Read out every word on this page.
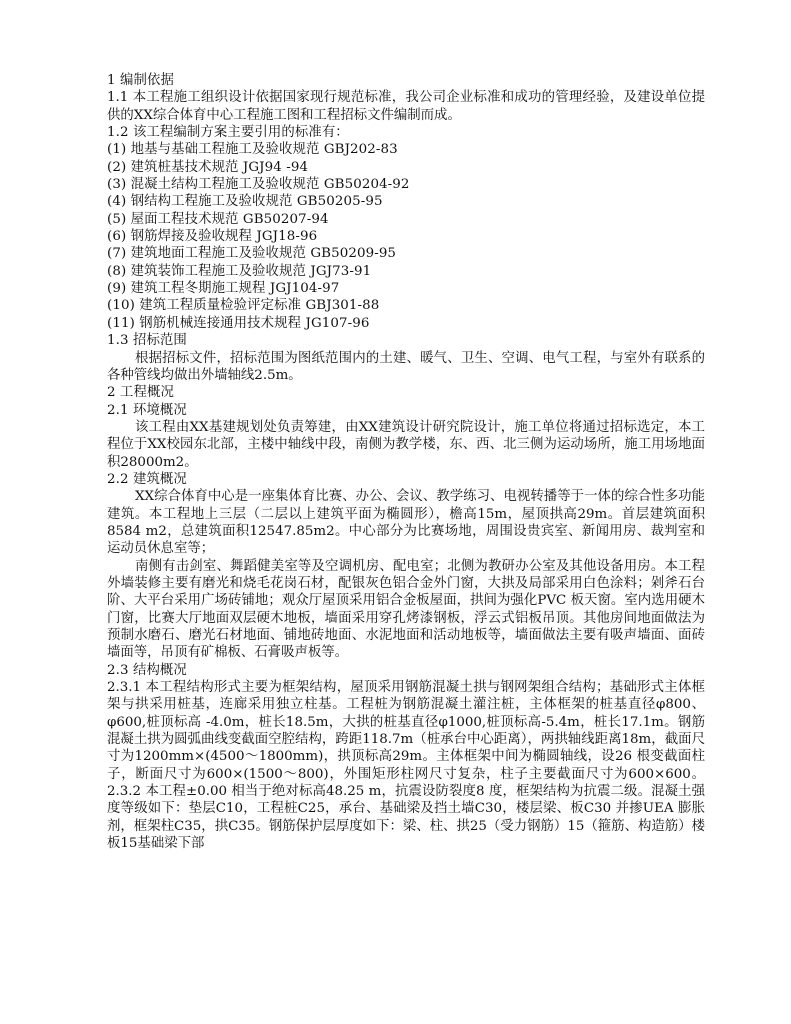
1 编制依据
1.1 本工程施工组织设计依据国家现行规范标准，我公司企业标准和成功的管理经验，及建设单位提供的XX综合体育中心工程施工图和工程招标文件编制而成。
1.2 该工程编制方案主要引用的标准有：
(1) 地基与基础工程施工及验收规范 GBJ202-83
(2) 建筑桩基技术规范 JGJ94 -94
(3) 混凝土结构工程施工及验收规范 GB50204-92
(4) 钢结构工程施工及验收规范 GB50205-95
(5) 屋面工程技术规范 GB50207-94
(6) 钢筋焊接及验收规程 JGJ18-96
(7) 建筑地面工程施工及验收规范 GB50209-95
(8) 建筑装饰工程施工及验收规范 JGJ73-91
(9) 建筑工程冬期施工规程 JGJ104-97
(10) 建筑工程质量检验评定标准 GBJ301-88
(11) 钢筋机械连接通用技术规程 JG107-96
1.3 招标范围
根据招标文件，招标范围为图纸范围内的土建、暖气、卫生、空调、电气工程，与室外有联系的各种管线均做出外墙轴线2.5m。
2 工程概况
2.1 环境概况
该工程由XX基建规划处负责筹建，由XX建筑设计研究院设计，施工单位将通过招标选定，本工程位于XX校园东北部，主楼中轴线中段，南侧为教学楼，东、西、北三侧为运动场所，施工用场地面积28000m2。
2.2 建筑概况
XX综合体育中心是一座集体育比赛、办公、会议、教学练习、电视转播等于一体的综合性多功能建筑。本工程地上三层（二层以上建筑平面为椭圆形），檐高15m，屋顶拱高29m。首层建筑面积8584 m2，总建筑面积12547.85m2。中心部分为比赛场地，周围设贵宾室、新闻用房、裁判室和运动员休息室等；
南侧有击剑室、舞蹈健美室等及空调机房、配电室；北侧为教研办公室及其他设备用房。本工程外墙装修主要有磨光和烧毛花岗石材，配银灰色铝合金外门窗，大拱及局部采用白色涂料；剁斧石台阶、大平台采用广场砖铺地；观众厅屋顶采用铝合金板屋面，拱间为强化PVC 板天窗。室内选用硬木门窗，比赛大厅地面双层硬木地板，墙面采用穿孔烤漆钢板，浮云式铝板吊顶。其他房间地面做法为预制水磨石、磨光石材地面、铺地砖地面、水泥地面和活动地板等，墙面做法主要有吸声墙面、面砖墙面等，吊顶有矿棉板、石膏吸声板等。
2.3 结构概况
2.3.1 本工程结构形式主要为框架结构，屋顶采用钢筋混凝土拱与钢网架组合结构；基础形式主体框架与拱采用桩基，连廊采用独立柱基。工程桩为钢筋混凝土灌注桩，主体框架的桩基直径φ800、φ600,桩顶标高 -4.0m，桩长18.5m，大拱的桩基直径φ1000,桩顶标高-5.4m，桩长17.1m。钢筋混凝土拱为圆弧曲线变截面空腔结构，跨距118.7m（桩承台中心距离），两拱轴线距离18m，截面尺寸为1200mm×(4500～1800mm)，拱顶标高29m。主体框架中间为椭圆轴线，设26 根变截面柱子，断面尺寸为600×(1500～800)，外围矩形柱网尺寸复杂，柱子主要截面尺寸为600×600。2.3.2 本工程±0.00 相当于绝对标高48.25 m，抗震设防裂度8 度，框架结构为抗震二级。混凝土强度等级如下：垫层C10，工程桩C25，承台、基础梁及挡土墙C30，楼层梁、板C30 并掺UEA 膨胀剂，框架柱C35，拱C35。钢筋保护层厚度如下：梁、柱、拱25（受力钢筋）15（箍筋、构造筋）楼板15基础梁下部
